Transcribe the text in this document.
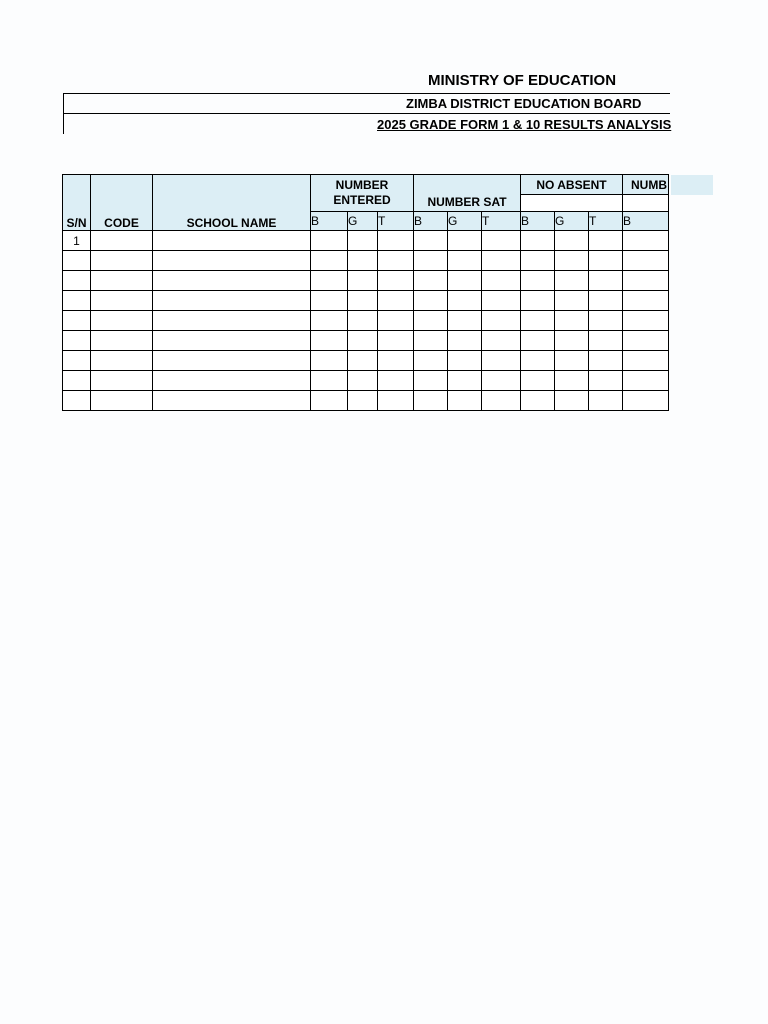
MINISTRY OF EDUCATION
ZIMBA DISTRICT EDUCATION BOARD
2025 GRADE FORM 1 & 10 RESULTS ANALYSIS
S/N	CODE	SCHOOL NAME	NUMBER ENTERED			NUMBER SAT			NO ABSENT			NUMB

			B	G	T	B	G	T	B	G	T	B
1												
